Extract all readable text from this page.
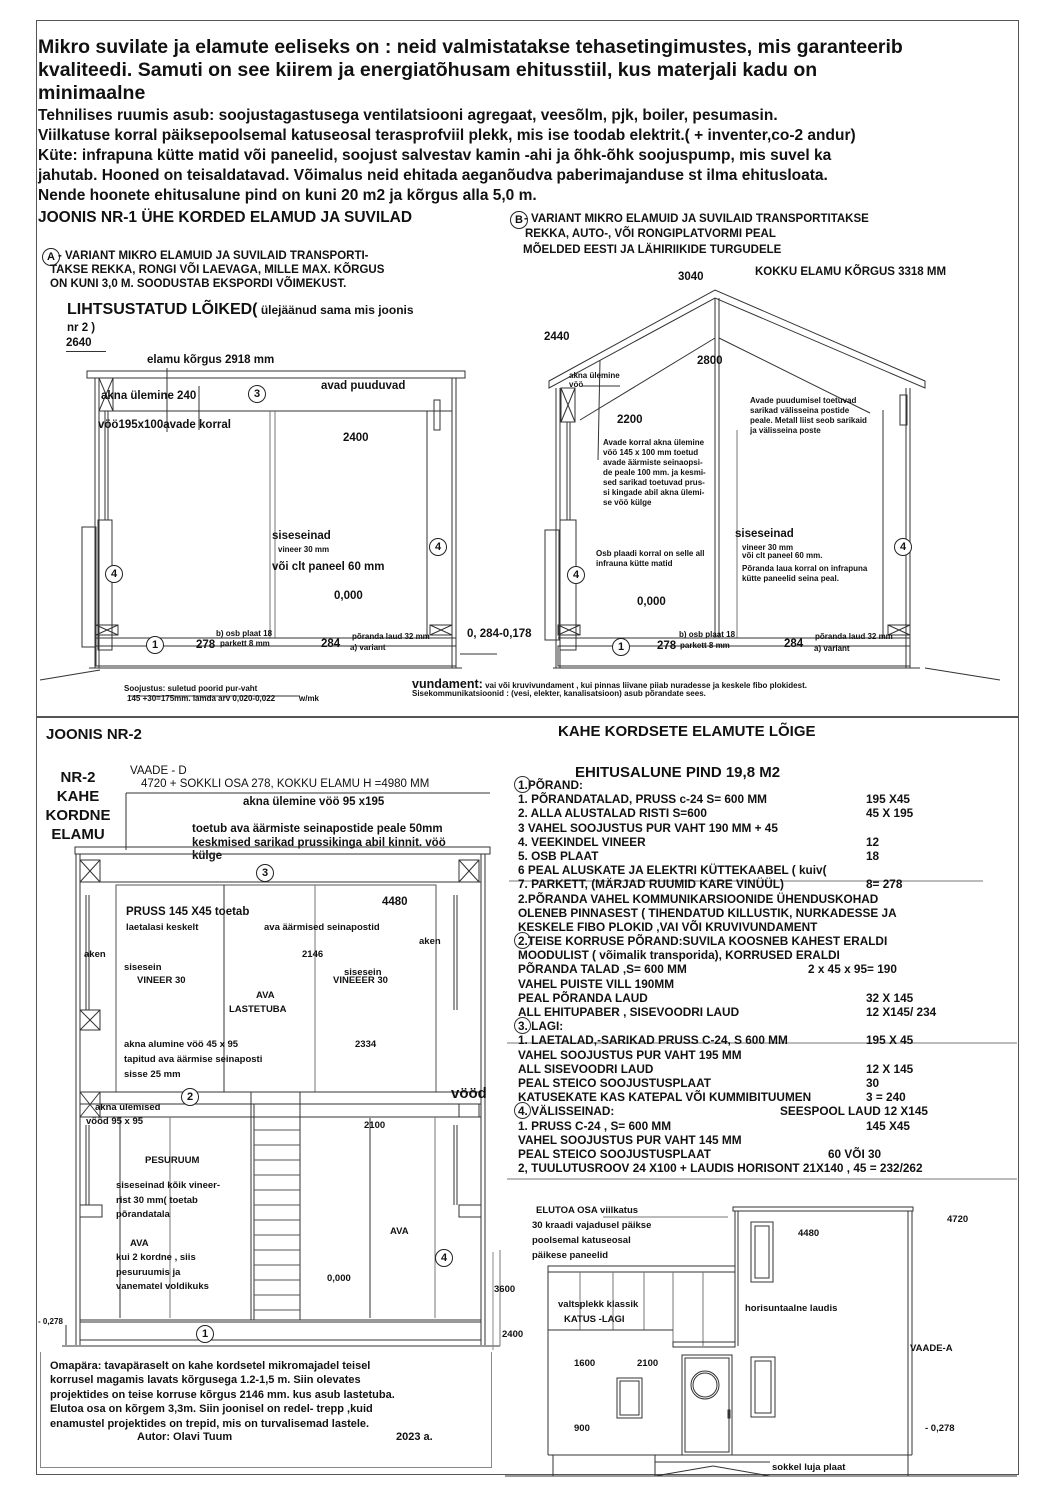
Mikro suvilate ja elamute eeliseks on : neid valmistatakse tehasetingimustes, mis garanteerib
kvaliteedi. Samuti on see kiirem ja energiatõhusam ehitusstiil, kus materjali kadu on
minimaalne
Tehnilises ruumis asub: soojustagastusega ventilatsiooni agregaat, veesõlm, pjk, boiler, pesumasin.
Viilkatuse korral päiksepoolsemal katuseosal terasprofviil plekk, mis ise toodab elektrit.( + inventer,co-2 andur)
Küte: infrapuna kütte matid või paneelid, soojust salvestav kamin -ahi ja õhk-õhk soojuspump, mis suvel ka
jahutab. Hooned on teisaldatavad. Võimalus neid ehitada aeganõudva paberimajanduse st ilma ehitusloata.
Nende hoonete ehitusalune pind on kuni 20 m2 ja kõrgus alla 5,0 m.
JOONIS NR-1 ÜHE KORDED ELAMUD JA SUVILAD
A - VARIANT MIKRO ELAMUID JA SUVILAID TRANSPORTI-
TAKSE REKKA, RONGI VÕI LAEVAGA, MILLE MAX. KÕRGUS
ON KUNI 3,0 M. SOODUSTAB EKSPORDI VÕIMEKUST.
LIHTSUSTATUD LÕIKED( ülejäänud sama mis joonis
nr 2 )
2640
elamu kõrgus 2918 mm
akna ülemine 240	3
avad puuduvad
vöö195x100avade korral
2400
siseseinad
vineer 30 mm
või clt paneel 60 mm
0,000
4
4
1
b) osb plaat 18
278 parkett 8 mm	284
põranda laud 32 mm
a) variant
0, 284-0,178
Soojustus: suletud poorid pur-vaht
145 +30=175mm. lamda arv 0,020-0,022	w/mk
B - VARIANT MIKRO ELAMUID JA SUVILAID TRANSPORTITAKSE
REKKA, AUTO-, VÕI RONGIPLATVORMI PEAL
MÕELDED EESTI JA LÄHIRIIKIDE TURGUDELE
3040	KOKKU ELAMU KÕRGUS 3318 MM
2440
2800
akna ülemine
vöö
2200
Avade puudumisel toetuvad
sarikad välisseina postide
peale. Metall liist seob sarikaid
ja välisseina poste
Avade korral akna ülemine
vöö 145 x 100 mm toetud
avade äärmiste seinaopsi-
de peale 100 mm. ja kesmi-
sed sarikad toetuvad prus-
si kingade abil akna ülemi-
se vöö külge
siseseinad
vineer 30 mm
või clt paneel 60 mm.
Põranda laua korral on infrapuna
kütte paneelid seina peal.
Osb plaadi korral on selle all
infrauna kütte matid
4
4
0,000
1
b) osb plaat 18
278 parkett 8 mm	284
põranda laud 32 mm
a) variant
vundament: vai või kruvivundament , kui pinnas liivane piiab nuradesse ja keskele fibo plokidest.
Sisekommunikatsioonid : (vesi, elekter, kanalisatsioon) asub põrandate sees.
JOONIS NR-2
NR-2
KAHE
KORDNE
ELAMU
VAADE - D
4720 + SOKKLI OSA 278, KOKKU ELAMU H =4980 MM
akna ülemine vöö 95 x195
toetub ava äärmiste seinapostide peale 50mm
keskmised sarikad prussikinga abil kinnit. vöö
külge
3
PRUSS 145 X45 toetab
laetalasi keskelt
4480
ava äärmised seinapostid
aken
aken	2146
sisesein
VINEER 30
sisesein
VINEEER 30
AVA
LASTETUBA
akna alumine vöö 45 x 95
tapitud ava äärmise seinaposti
sisse 25 mm
2334
2	vööd
akna ülemised
vööd 95 x 95	2100
PESURUUM
siseseinad kõik vineer-
rist 30 mm( toetab
põrandatala
AVA
kui 2 kordne , siis
pesuruumis ja
vanematel voldikuks
AVA
4
0,000
- 0,278
1
Omapära: tavapäraselt on kahe kordsetel mikromajadel teisel
korrusel magamis lavats kõrgusega 1.2-1,5 m. Siin olevates
projektides on teise korruse kõrgus 2146 mm. kus asub lastetuba.
Elutoa osa on kõrgem 3,3m. Siin joonisel on redel- trepp ,kuid
enamustel projektides on trepid, mis on turvalisemad lastele.
Autor: Olavi Tuum	2023 a.
KAHE KORDSETE ELAMUTE LÕIGE
EHITUSALUNE PIND 19,8 M2
1.PÕRAND:
1. PÕRANDATALAD, PRUSS c-24 S= 600 MM	195 X45
2. ALLA ALUSTALAD RISTI S=600	45 X 195
3 VAHEL SOOJUSTUS PUR VAHT 190 MM + 45
4. VEEKINDEL VINEER	12
5. OSB PLAAT	18
6 PEAL ALUSKATE JA ELEKTRI KÜTTEKAABEL ( kuiv(
7. PARKETT, (MÄRJAD RUUMID KARE VINÜÜL)	8= 278
2.PÕRANDA VAHEL KOMMUNIKARSIOONIDE ÜHENDUSKOHAD
OLENEB PINNASEST ( TIHENDATUD KILLUSTIK, NURKADESSE JA
KESKELE FIBO PLOKID ,VAI VÕI KRUVIVUNDAMENT
2.TEISE KORRUSE PÕRAND:SUVILA KOOSNEB KAHEST ERALDI
MOODULIST ( võimalik transporida), KORRUSED ERALDI
PÕRANDA TALAD ,S= 600 MM	2 x 45 x 95= 190
VAHEL PUISTE VILL 190MM
PEAL PÕRANDA LAUD	32 X 145
ALL EHITUPABER , SISEVOODRI LAUD	12 X145/ 234
3. LAGI:
1. LAETALAD,-SARIKAD PRUSS C-24, S 600 MM	195 X 45
VAHEL SOOJUSTUS PUR VAHT 195 MM
ALL SISEVOODRI LAUD	12 X 145
PEAL STEICO SOOJUSTUSPLAAT	30
KATUSEKATE KAS KATEPAL VÕI KUMMIBITUUMEN	3 = 240
4. VÄLISSEINAD:	SEESPOOL LAUD 12 X145
1. PRUSS C-24 , S= 600 MM	145 X45
VAHEL SOOJUSTUS PUR VAHT 145 MM
PEAL STEICO SOOJUSTUSPLAAT	60 VÕI 30
2, TUULUTUSROOV 24 X100 + LAUDIS HORISONT 21X140 , 45 = 232/262
ELUTOA OSA viilkatus
30 kraadi vajadusel päikse
poolsemal katuseosal
päikese paneelid
4720
4480
3600
valtsplekk klassik
KATUS -LAGI
horisuntaalne laudis
2400
VAADE-A
1600	2100
900	- 0,278
sokkel luja plaat
